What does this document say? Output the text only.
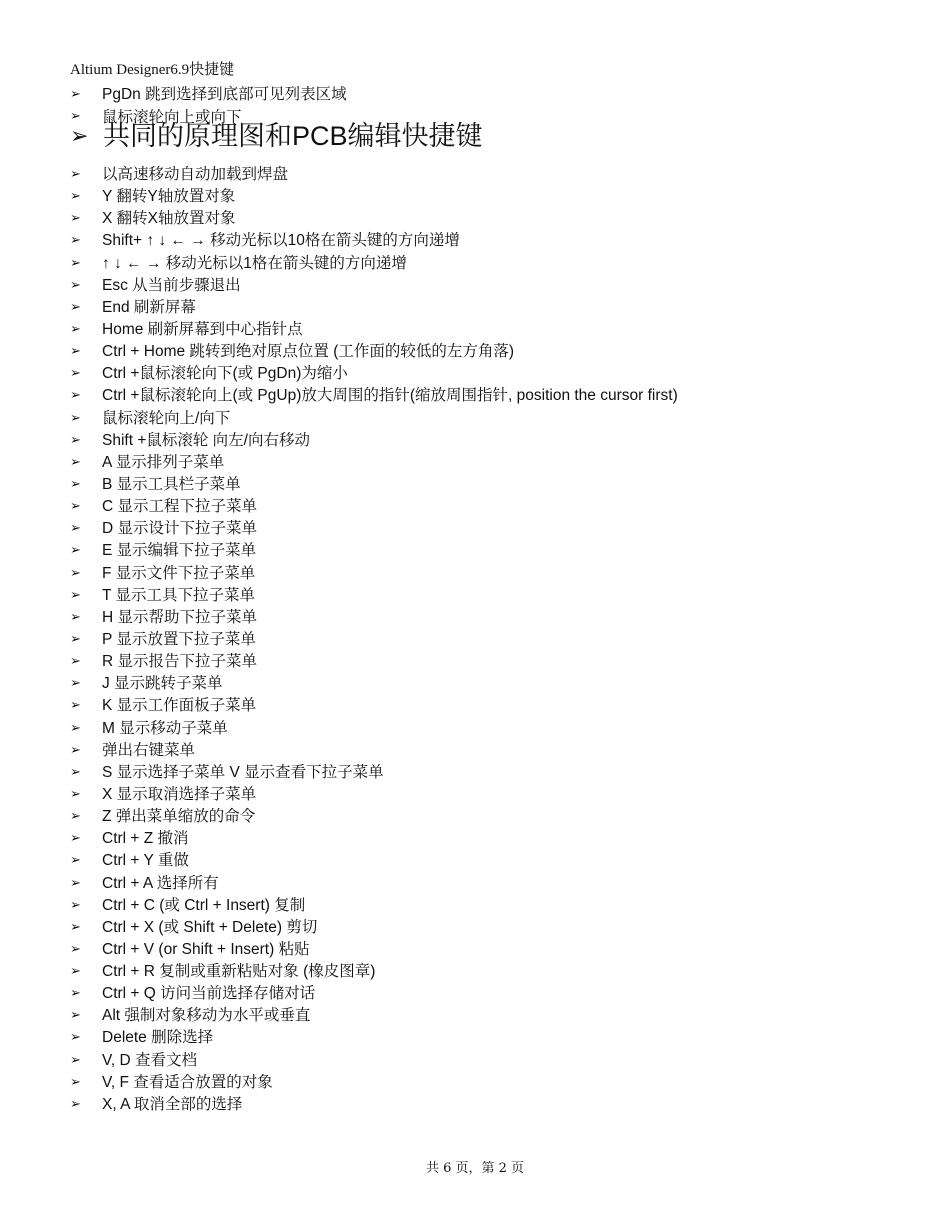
Altium Designer6.9快捷键
➢	PgDn 跳到选择到底部可见列表区域
➢	鼠标滚轮向上或向下
➢ 共同的原理图和PCB编辑快捷键
➢	以高速移动自动加载到焊盘
➢	Y 翻转Y轴放置对象
➢	X 翻转X轴放置对象
➢	Shift+ ↑ ↓ ← → 移动光标以10格在箭头键的方向递增
➢	↑ ↓ ← → 移动光标以1格在箭头键的方向递增
➢	Esc 从当前步骤退出
➢	End 刷新屏幕
➢	Home 刷新屏幕到中心指针点
➢	Ctrl + Home 跳转到绝对原点位置 (工作面的较低的左方角落)
➢	Ctrl +鼠标滚轮向下(或 PgDn)为缩小
➢	Ctrl +鼠标滚轮向上(或 PgUp)放大周围的指针(缩放周围指针, position the cursor first)
➢	鼠标滚轮向上/向下
➢	Shift +鼠标滚轮 向左/向右移动
➢	A 显示排列子菜单
➢	B 显示工具栏子菜单
➢	C 显示工程下拉子菜单
➢	D 显示设计下拉子菜单
➢	E 显示编辑下拉子菜单
➢	F 显示文件下拉子菜单
➢	T 显示工具下拉子菜单
➢	H 显示帮助下拉子菜单
➢	P 显示放置下拉子菜单
➢	R 显示报告下拉子菜单
➢	J 显示跳转子菜单
➢	K 显示工作面板子菜单
➢	M 显示移动子菜单
➢	弹出右键菜单
➢	S 显示选择子菜单 V 显示查看下拉子菜单
➢	X 显示取消选择子菜单
➢	Z 弹出菜单缩放的命令
➢	Ctrl + Z 撤消
➢	Ctrl + Y 重做
➢	Ctrl + A 选择所有
➢	Ctrl + C (或 Ctrl + Insert) 复制
➢	Ctrl + X (或 Shift + Delete) 剪切
➢	Ctrl + V (or Shift + Insert) 粘贴
➢	Ctrl + R 复制或重新粘贴对象 (橡皮图章)
➢	Ctrl + Q 访问当前选择存储对话
➢	Alt 强制对象移动为水平或垂直
➢	Delete 删除选择
➢	V, D 查看文档
➢	V, F 查看适合放置的对象
➢	X, A 取消全部的选择
共 6 页，第 2 页
